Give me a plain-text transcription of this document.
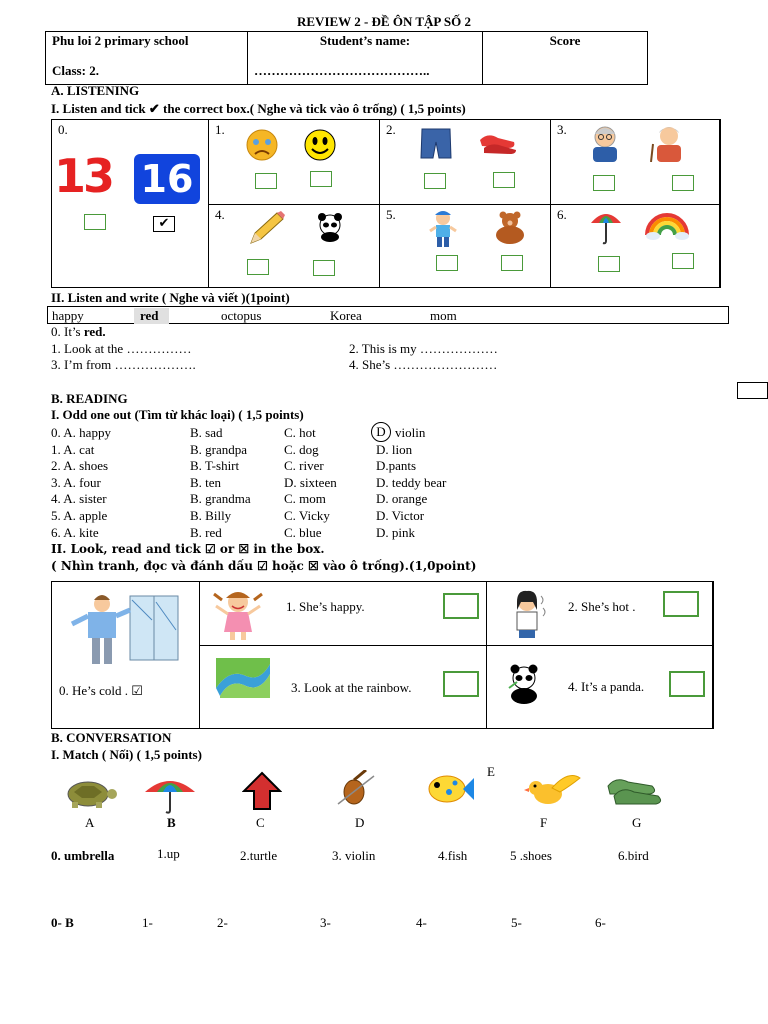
REVIEW 2 - ĐỀ ÔN TẬP SỐ 2
Phu loi 2 primary school
Class: 2.

Student’s name:
…………………………………..

Score
A. LISTENING
I. Listen and tick ✔ the correct box.( Nghe và tick vào ô trống) ( 1,5 points)
0.
13 16
✔
1.	2.	3.
4.	5.	6.
II. Listen and write ( Nghe và viết )(1point)
happy	red	octopus	Korea	mom
0. It’s red.
1. Look at the ……………	2. This is my ………………
3. I’m from ……………….	4. She’s ……………………
B. READING
I. Odd one out (Tìm từ khác loại) ( 1,5 points)
0. A. happy	B. sad	C. hot	D violin
1. A. cat	B. grandpa	C. dog	D. lion
2. A. shoes	B. T-shirt	C. river	D.pants
3. A. four	B. ten	D. sixteen	D. teddy bear
4. A. sister	B. grandma	C. mom	D. orange
5. A. apple	B. Billy	C. Vicky	D. Victor
6. A. kite	B. red	C. blue	D. pink
II. Look, read and tick ☑ or ☒ in the box.
( Nhìn tranh, đọc và đánh dấu ☑ hoặc ☒ vào ô trống).(1,0point)
0. He’s cold . ☑
1. She’s happy.	2. She’s hot .
3. Look at the rainbow.	4. It’s a panda.
B. CONVERSATION
I. Match ( Nối) ( 1,5 points)
E
A	B	C	D	F	G
0. umbrella	1.up	2.turtle	3. violin	4.fish	5 .shoes	6.bird
0- B	1-	2-	3-	4-	5-	6-
